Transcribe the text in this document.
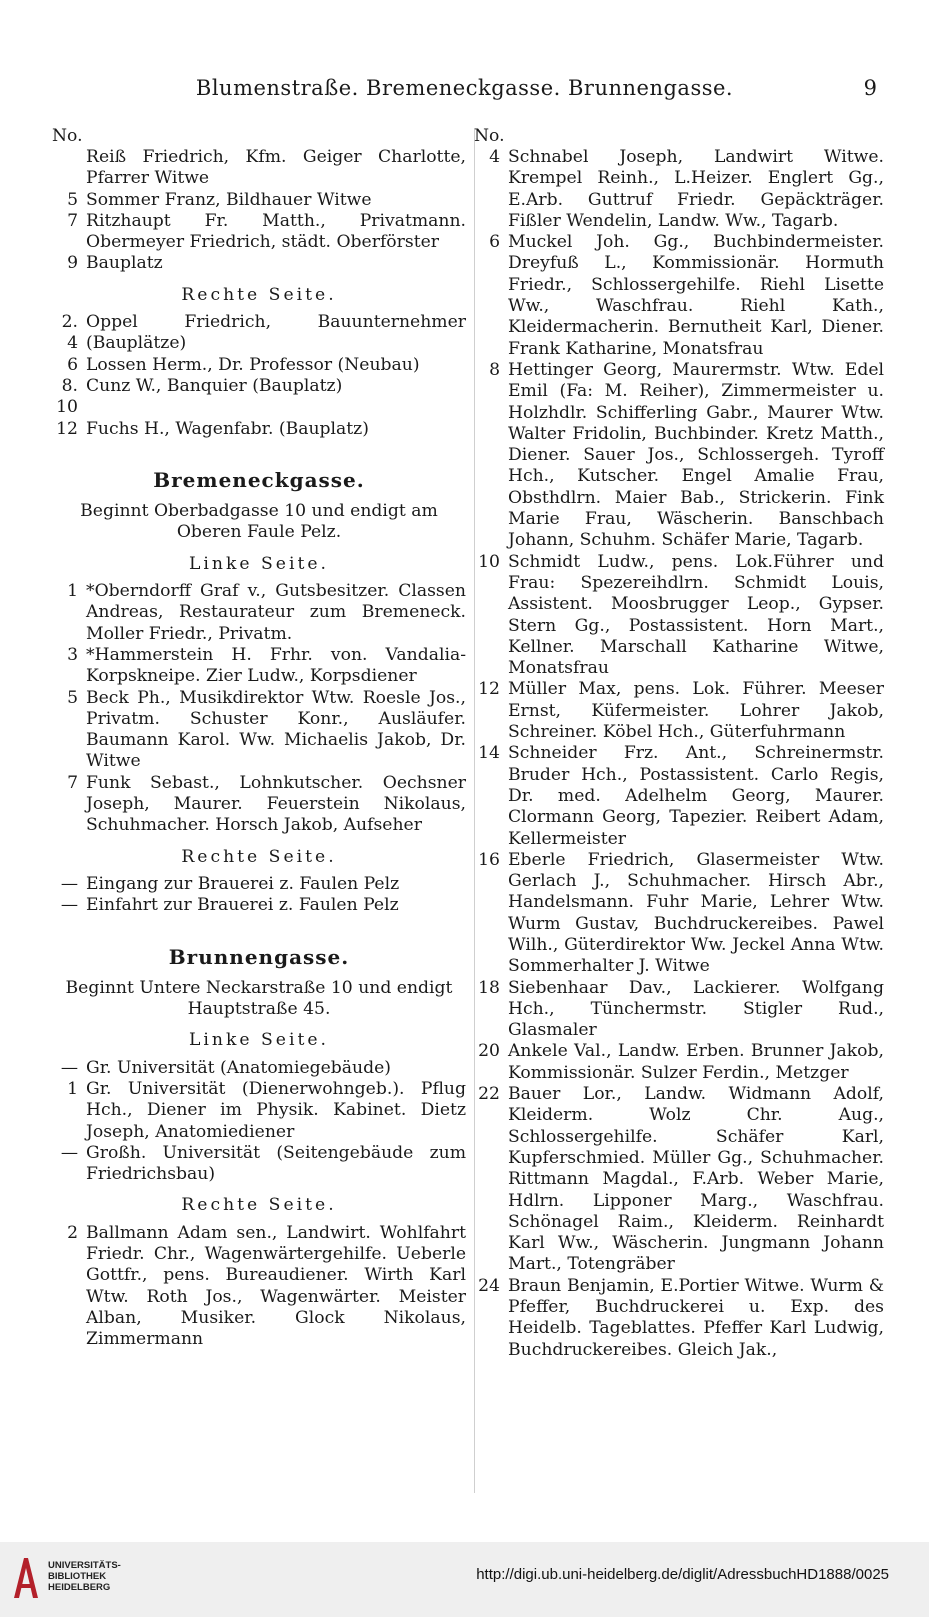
Blumenstraße. Bremeneckgasse. Brunnengasse.	9
No.
Reiß Friedrich, Kfm. Geiger Charlotte, Pfarrer Witwe
5 Sommer Franz, Bildhauer Witwe
7 Ritzhaupt Fr. Matth., Privatmann. Obermeyer Friedrich, städt. Oberförster
9 Bauplatz
Rechte Seite.
2. 4
Oppel Friedrich, Bauunternehmer (Bauplätze)
6 Lossen Herm., Dr. Professor (Neubau)
8. 10
Cunz W., Banquier (Bauplatz)
12 Fuchs H., Wagenfabr. (Bauplatz)
Bremeneckgasse.
Beginnt Oberbadgasse 10 und endigt am Oberen Faule Pelz.
Linke Seite.
1 *Oberndorff Graf v., Gutsbesitzer. Classen Andreas, Restaurateur zum Bremeneck. Moller Friedr., Privatm.
3 *Hammerstein H. Frhr. von. Vandalia-Korpskneipe. Zier Ludw., Korpsdiener
5 Beck Ph., Musikdirektor Wtw. Roesle Jos., Privatm. Schuster Konr., Ausläufer. Baumann Karol. Ww. Michaelis Jakob, Dr. Witwe
7 Funk Sebast., Lohnkutscher. Oechsner Joseph, Maurer. Feuerstein Nikolaus, Schuhmacher. Horsch Jakob, Aufseher
Rechte Seite.
— Eingang zur Brauerei z. Faulen Pelz
— Einfahrt zur Brauerei z. Faulen Pelz
Brunnengasse.
Beginnt Untere Neckarstraße 10 und endigt Hauptstraße 45.
Linke Seite.
— Gr. Universität (Anatomiegebäude)
1 Gr. Universität (Dienerwohngeb.). Pflug Hch., Diener im Physik. Kabinet. Dietz Joseph, Anatomiediener
— Großh. Universität (Seitengebäude zum Friedrichsbau)
Rechte Seite.
2 Ballmann Adam sen., Landwirt. Wohlfahrt Friedr. Chr., Wagenwärtergehilfe. Ueberle Gottfr., pens. Bureaudiener. Wirth Karl Wtw. Roth Jos., Wagenwärter. Meister Alban, Musiker. Glock Nikolaus, Zimmermann
No.
4 Schnabel Joseph, Landwirt Witwe. Krempel Reinh., L.Heizer. Englert Gg., E.Arb. Guttruf Friedr. Gepäckträger. Fißler Wendelin, Landw. Ww., Tagarb.
6 Muckel Joh. Gg., Buchbindermeister. Dreyfuß L., Kommissionär. Hormuth Friedr., Schlossergehilfe. Riehl Lisette Ww., Waschfrau. Riehl Kath., Kleidermacherin. Bernutheit Karl, Diener. Frank Katharine, Monatsfrau
8 Hettinger Georg, Maurermstr. Wtw. Edel Emil (Fa: M. Reiher), Zimmermeister u. Holzhdlr. Schifferling Gabr., Maurer Wtw. Walter Fridolin, Buchbinder. Kretz Matth., Diener. Sauer Jos., Schlossergeh. Tyroff Hch., Kutscher. Engel Amalie Frau, Obsthdlrn. Maier Bab., Strickerin. Fink Marie Frau, Wäscherin. Banschbach Johann, Schuhm. Schäfer Marie, Tagarb.
10 Schmidt Ludw., pens. Lok.Führer und Frau: Spezereihdlrn. Schmidt Louis, Assistent. Moosbrugger Leop., Gypser. Stern Gg., Postassistent. Horn Mart., Kellner. Marschall Katharine Witwe, Monatsfrau
12 Müller Max, pens. Lok. Führer. Meeser Ernst, Küfermeister. Lohrer Jakob, Schreiner. Köbel Hch., Güterfuhrmann
14 Schneider Frz. Ant., Schreinermstr. Bruder Hch., Postassistent. Carlo Regis, Dr. med. Adelhelm Georg, Maurer. Clormann Georg, Tapezier. Reibert Adam, Kellermeister
16 Eberle Friedrich, Glasermeister Wtw. Gerlach J., Schuhmacher. Hirsch Abr., Handelsmann. Fuhr Marie, Lehrer Wtw. Wurm Gustav, Buchdruckereibes. Pawel Wilh., Güterdirektor Ww. Jeckel Anna Wtw. Sommerhalter J. Witwe
18 Siebenhaar Dav., Lackierer. Wolfgang Hch., Tünchermstr. Stigler Rud., Glasmaler
20 Ankele Val., Landw. Erben. Brunner Jakob, Kommissionär. Sulzer Ferdin., Metzger
22 Bauer Lor., Landw. Widmann Adolf, Kleiderm. Wolz Chr. Aug., Schlossergehilfe. Schäfer Karl, Kupferschmied. Müller Gg., Schuhmacher. Rittmann Magdal., F.Arb. Weber Marie, Hdlrn. Lipponer Marg., Waschfrau. Schönagel Raim., Kleiderm. Reinhardt Karl Ww., Wäscherin. Jungmann Johann Mart., Totengräber
24 Braun Benjamin, E.Portier Witwe. Wurm & Pfeffer, Buchdruckerei u. Exp. des Heidelb. Tageblattes. Pfeffer Karl Ludwig, Buchdruckereibes. Gleich Jak.,
UNIVERSITÄTS-
BIBLIOTHEK
HEIDELBERG
http://digi.ub.uni-heidelberg.de/diglit/AdressbuchHD1888/0025
